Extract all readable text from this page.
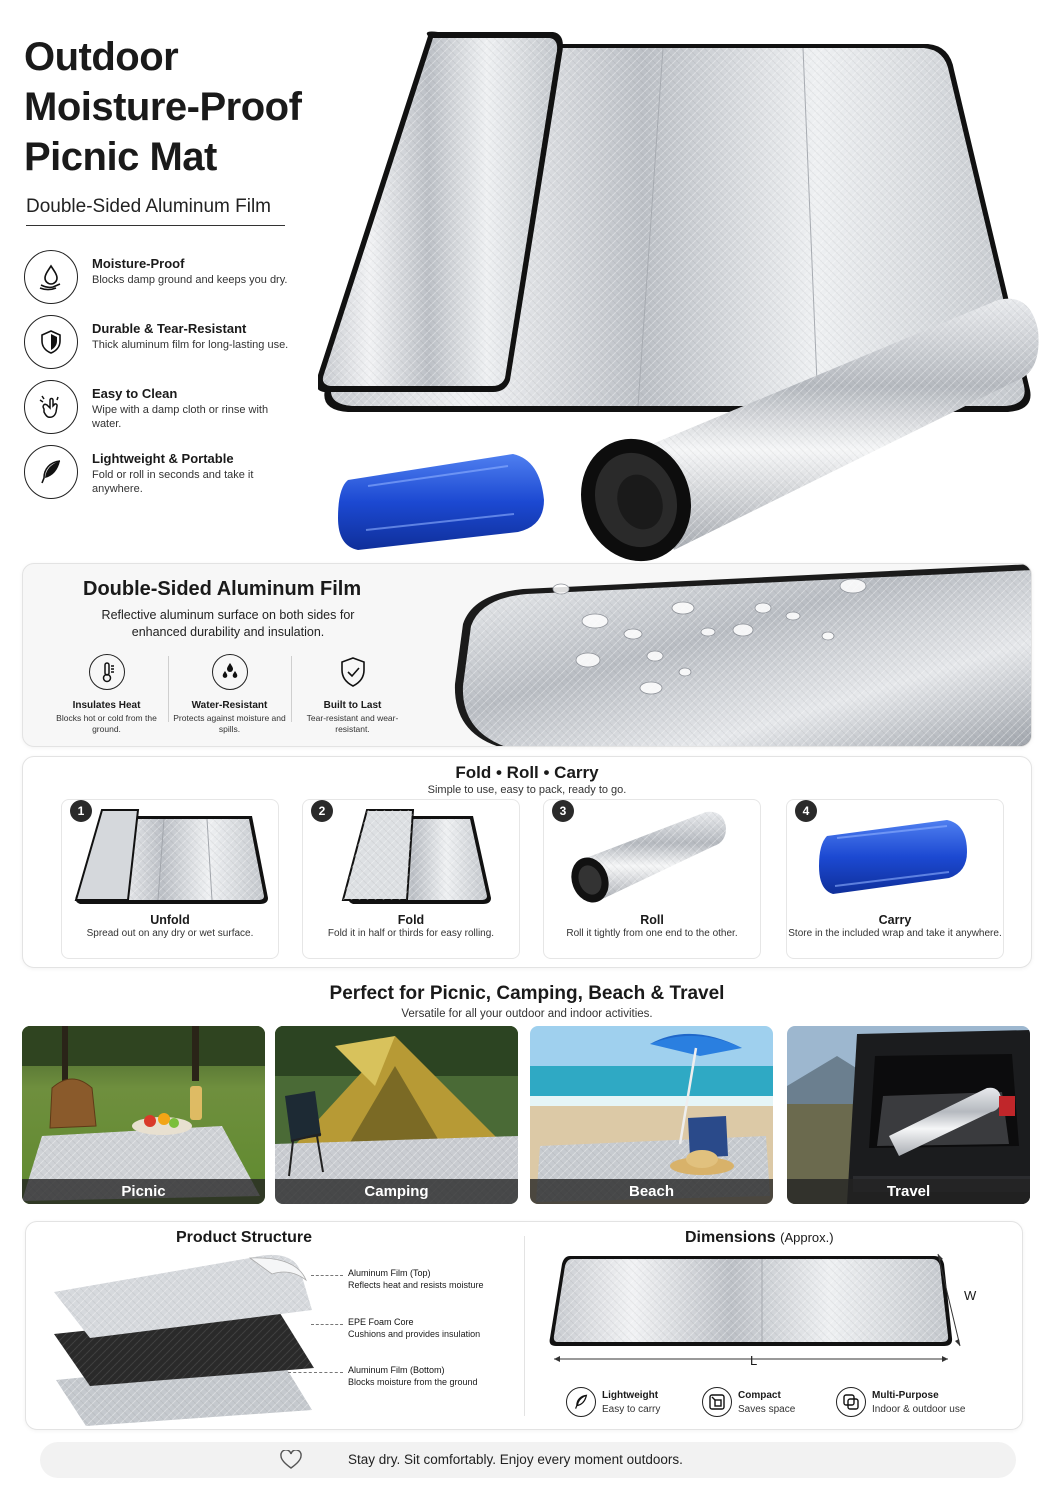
Outdoor Moisture-Proof Picnic Mat
Double-Sided Aluminum Film
Moisture-Proof
Blocks damp ground and keeps you dry.
Durable & Tear-Resistant
Thick aluminum film for long-lasting use.
Easy to Clean
Wipe with a damp cloth or rinse with water.
Lightweight & Portable
Fold or roll in seconds and take it anywhere.
Double-Sided Aluminum Film
Reflective aluminum surface on both sides for enhanced durability and insulation.
Insulates Heat
Blocks hot or cold from the ground.
Water-Resistant
Protects against moisture and spills.
Built to Last
Tear-resistant and wear-resistant.
Fold • Roll • Carry
Simple to use, easy to pack, ready to go.
1
Unfold
Spread out on any dry or wet surface.
2
Fold
Fold it in half or thirds for easy rolling.
3
Roll
Roll it tightly from one end to the other.
4
Carry
Store in the included wrap and take it anywhere.
Perfect for Picnic, Camping, Beach & Travel
Versatile for all your outdoor and indoor activities.
Picnic	Camping	Beach	Travel
Product Structure	Dimensions (Approx.)
Aluminum Film (Top)
Reflects heat and resists moisture
EPE Foam Core
Cushions and provides insulation
Aluminum Film (Bottom)
Blocks moisture from the ground
L
W
Lightweight
Easy to carry
Compact
Saves space
Multi-Purpose
Indoor & outdoor use
Stay dry. Sit comfortably. Enjoy every moment outdoors.
